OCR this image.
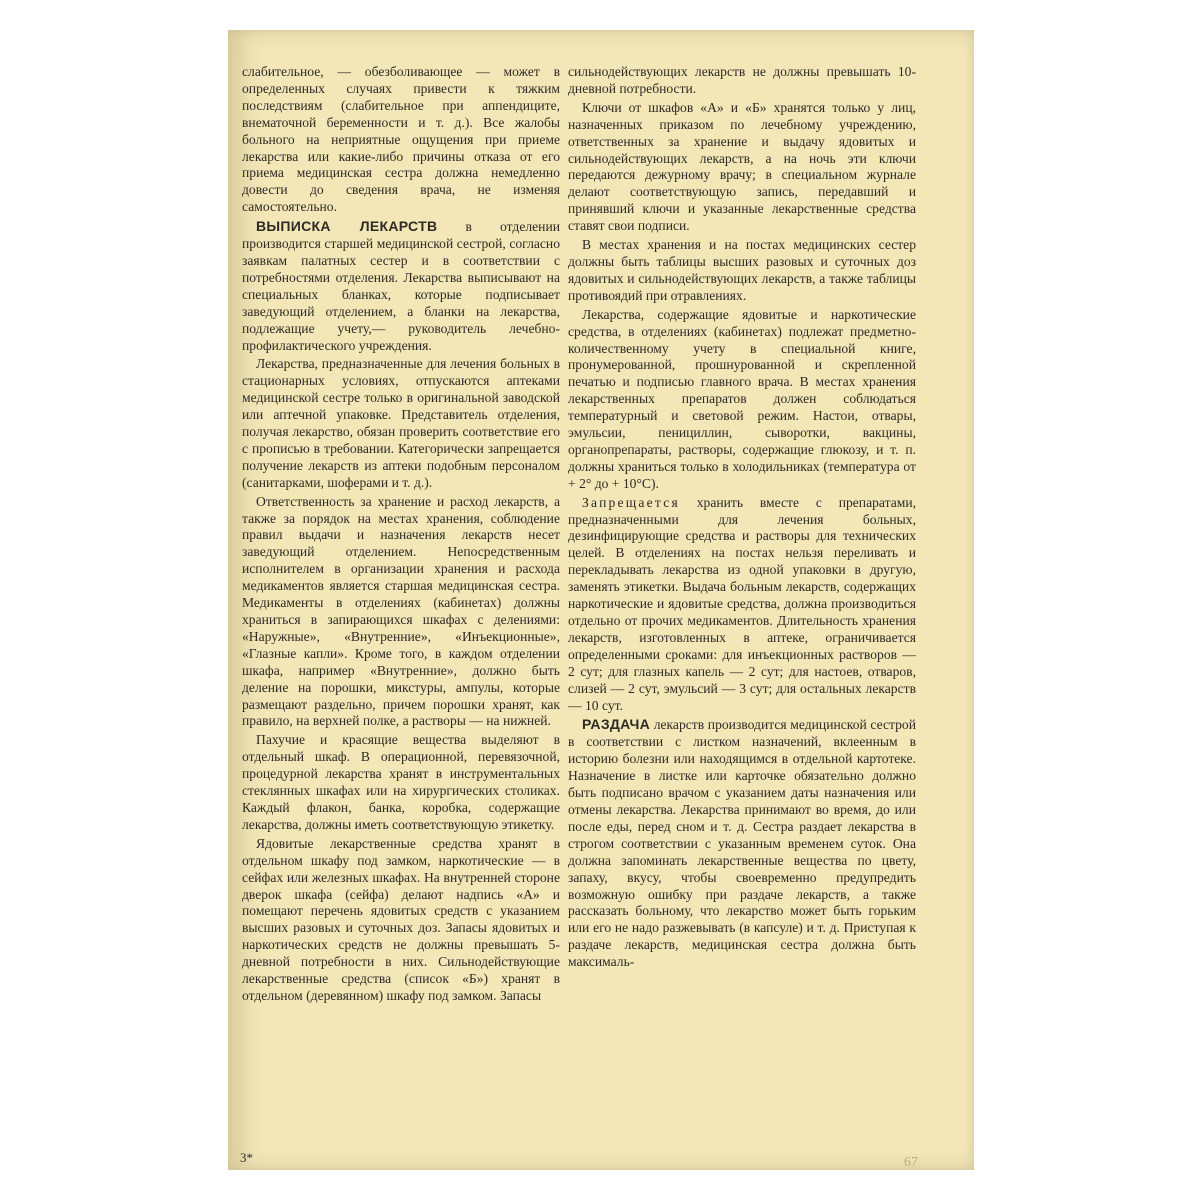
слабительное, — обезболивающее — может в определенных случаях привести к тяжким последствиям (слабительное при аппендиците, внематочной беременности и т. д.). Все жалобы больного на неприятные ощущения при приеме лекарства или какие-либо причины отказа от его приема медицинская сестра должна немедленно довести до сведения врача, не изменяя самостоятельно.

ВЫПИСКА ЛЕКАРСТВ в отделении производится старшей медицинской сестрой, согласно заявкам палатных сестер и в соответствии с потребностями отделения. Лекарства выписывают на специальных бланках, которые подписывает заведующий отделением, а бланки на лекарства, подлежащие учету,— руководитель лечебно-профилактического учреждения.

Лекарства, предназначенные для лечения больных в стационарных условиях, отпускаются аптеками медицинской сестре только в оригинальной заводской или аптечной упаковке. Представитель отделения, получая лекарство, обязан проверить соответствие его с прописью в требовании. Категорически запрещается получение лекарств из аптеки подобным персоналом (санитарками, шоферами и т. д.).

Ответственность за хранение и расход лекарств, а также за порядок на местах хранения, соблюдение правил выдачи и назначения лекарств несет заведующий отделением. Непосредственным исполнителем в организации хранения и расхода медикаментов является старшая медицинская сестра. Медикаменты в отделениях (кабинетах) должны храниться в запирающихся шкафах с делениями: «Наружные», «Внутренние», «Инъекционные», «Глазные капли». Кроме того, в каждом отделении шкафа, например «Внутренние», должно быть деление на порошки, микстуры, ампулы, которые размещают раздельно, причем порошки хранят, как правило, на верхней полке, а растворы — на нижней.

Пахучие и красящие вещества выделяют в отдельный шкаф. В операционной, перевязочной, процедурной лекарства хранят в инструментальных стеклянных шкафах или на хирургических столиках. Каждый флакон, банка, коробка, содержащие лекарства, должны иметь соответствующую этикетку.

Ядовитые лекарственные средства хранят в отдельном шкафу под замком, наркотические — в сейфах или железных шкафах. На внутренней стороне дверок шкафа (сейфа) делают надпись «А» и помещают перечень ядовитых средств с указанием высших разовых и суточных доз. Запасы ядовитых и наркотических средств не должны превышать 5-дневной потребности в них. Сильнодействующие лекарственные средства (список «Б») хранят в отдельном (деревянном) шкафу под замком. Запасы

сильнодействующих лекарств не должны превышать 10-дневной потребности.

Ключи от шкафов «А» и «Б» хранятся только у лиц, назначенных приказом по лечебному учреждению, ответственных за хранение и выдачу ядовитых и сильнодействующих лекарств, а на ночь эти ключи передаются дежурному врачу; в специальном журнале делают соответствующую запись, передавший и принявший ключи и указанные лекарственные средства ставят свои подписи.

В местах хранения и на постах медицинских сестер должны быть таблицы высших разовых и суточных доз ядовитых и сильнодействующих лекарств, а также таблицы противоядий при отравлениях.

Лекарства, содержащие ядовитые и наркотические средства, в отделениях (кабинетах) подлежат предметно-количественному учету в специальной книге, пронумерованной, прошнурованной и скрепленной печатью и подписью главного врача. В местах хранения лекарственных препаратов должен соблюдаться температурный и световой режим. Настои, отвары, эмульсии, пенициллин, сыворотки, вакцины, органопрепараты, растворы, содержащие глюкозу, и т. п. должны храниться только в холодильниках (температура от + 2° до + 10°С).

Запрещается хранить вместе с препаратами, предназначенными для лечения больных, дезинфицирующие средства и растворы для технических целей. В отделениях на постах нельзя переливать и перекладывать лекарства из одной упаковки в другую, заменять этикетки. Выдача больным лекарств, содержащих наркотические и ядовитые средства, должна производиться отдельно от прочих медикаментов. Длительность хранения лекарств, изготовленных в аптеке, ограничивается определенными сроками: для инъекционных растворов — 2 сут; для глазных капель — 2 сут; для настоев, отваров, слизей — 2 сут, эмульсий — 3 сут; для остальных лекарств — 10 сут.

РАЗДАЧА лекарств производится медицинской сестрой в соответствии с листком назначений, вклеенным в историю болезни или находящимся в отдельной картотеке. Назначение в листке или карточке обязательно должно быть подписано врачом с указанием даты назначения или отмены лекарства. Лекарства принимают во время, до или после еды, перед сном и т. д. Сестра раздает лекарства в строгом соответствии с указанным временем суток. Она должна запоминать лекарственные вещества по цвету, запаху, вкусу, чтобы своевременно предупредить возможную ошибку при раздаче лекарств, а также рассказать больному, что лекарство может быть горьким или его не надо разжевывать (в капсуле) и т. д. Приступая к раздаче лекарств, медицинская сестра должна быть максималь-

3*	67
